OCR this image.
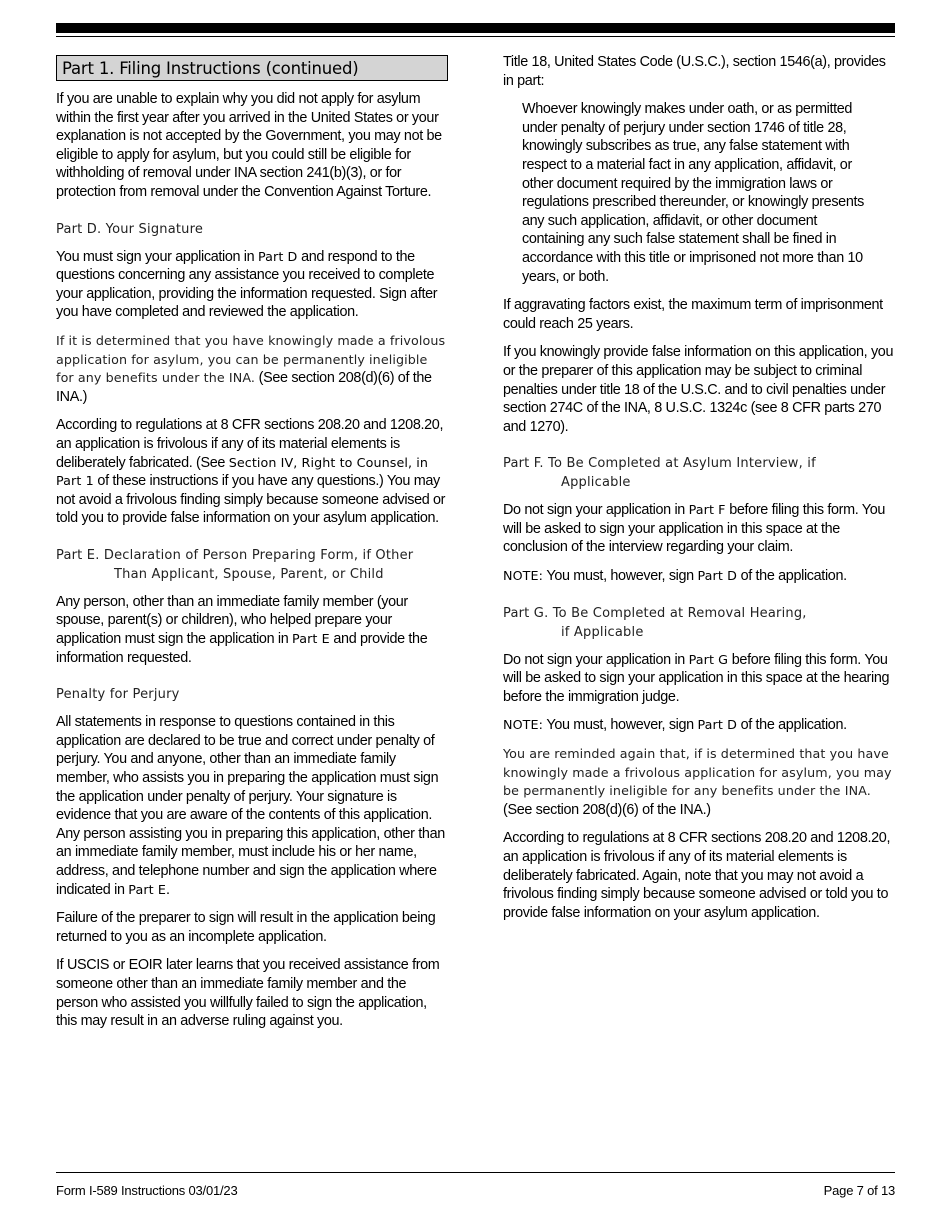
Part 1. Filing Instructions (continued)

If you are unable to explain why you did not apply for asylum within the first year after you arrived in the United States or your explanation is not accepted by the Government, you may not be eligible to apply for asylum, but you could still be eligible for withholding of removal under INA section 241(b)(3), or for protection from removal under the Convention Against Torture.

Part D. Your Signature

You must sign your application in Part D and respond to the questions concerning any assistance you received to complete your application, providing the information requested. Sign after you have completed and reviewed the application.

If it is determined that you have knowingly made a frivolous application for asylum, you can be permanently ineligible for any benefits under the INA. (See section 208(d)(6) of the INA.)

According to regulations at 8 CFR sections 208.20 and 1208.20, an application is frivolous if any of its material elements is deliberately fabricated. (See Section IV, Right to Counsel, in Part 1 of these instructions if you have any questions.) You may not avoid a frivolous finding simply because someone advised or told you to provide false information on your asylum application.

Part E. Declaration of Person Preparing Form, if Other
Than Applicant, Spouse, Parent, or Child

Any person, other than an immediate family member (your spouse, parent(s) or children), who helped prepare your application must sign the application in Part E and provide the information requested.

Penalty for Perjury

All statements in response to questions contained in this application are declared to be true and correct under penalty of perjury. You and anyone, other than an immediate family member, who assists you in preparing the application must sign the application under penalty of perjury. Your signature is evidence that you are aware of the contents of this application. Any person assisting you in preparing this application, other than an immediate family member, must include his or her name, address, and telephone number and sign the application where indicated in Part E.

Failure of the preparer to sign will result in the application being returned to you as an incomplete application.

If USCIS or EOIR later learns that you received assistance from someone other than an immediate family member and the person who assisted you willfully failed to sign the application, this may result in an adverse ruling against you.

Title 18, United States Code (U.S.C.), section 1546(a), provides in part:

Whoever knowingly makes under oath, or as permitted under penalty of perjury under section 1746 of title 28, knowingly subscribes as true, any false statement with respect to a material fact in any application, affidavit, or other document required by the immigration laws or regulations prescribed thereunder, or knowingly presents any such application, affidavit, or other document containing any such false statement shall be fined in accordance with this title or imprisoned not more than 10 years, or both.

If aggravating factors exist, the maximum term of imprisonment could reach 25 years.

If you knowingly provide false information on this application, you or the preparer of this application may be subject to criminal penalties under title 18 of the U.S.C. and to civil penalties under section 274C of the INA, 8 U.S.C. 1324c (see 8 CFR parts 270 and 1270).

Part F. To Be Completed at Asylum Interview, if
Applicable

Do not sign your application in Part F before filing this form. You will be asked to sign your application in this space at the conclusion of the interview regarding your claim.

NOTE: You must, however, sign Part D of the application.

Part G. To Be Completed at Removal Hearing,
if Applicable

Do not sign your application in Part G before filing this form. You will be asked to sign your application in this space at the hearing before the immigration judge.

NOTE: You must, however, sign Part D of the application.

You are reminded again that, if is determined that you have knowingly made a frivolous application for asylum, you may be permanently ineligible for any benefits under the INA. (See section 208(d)(6) of the INA.)

According to regulations at 8 CFR sections 208.20 and 1208.20, an application is frivolous if any of its material elements is deliberately fabricated. Again, note that you may not avoid a frivolous finding simply because someone advised or told you to provide false information on your asylum application.

Form I-589 Instructions 03/01/23	Page 7 of 13
